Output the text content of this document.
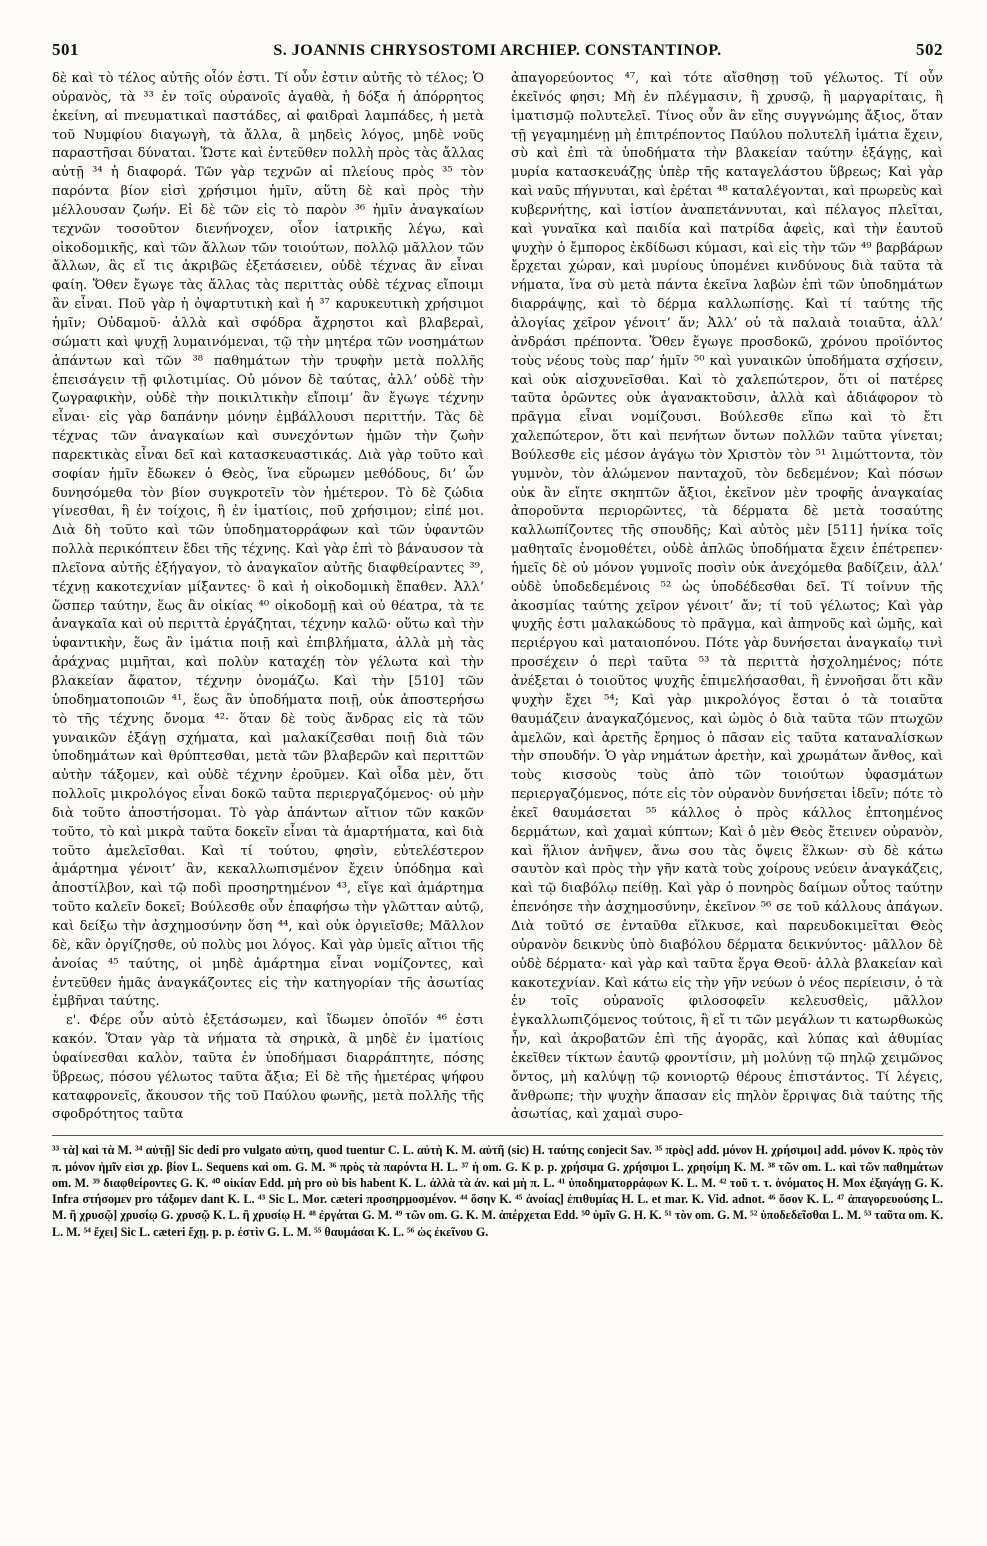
501	S. JOANNIS CHRYSOSTOMI ARCHIEP. CONSTANTINOP.	502

δὲ καὶ τὸ τέλος αὐτῆς οἷόν ἐστι. Τί οὖν ἐστιν αὐτῆς τὸ τέλος; Ὁ οὐρανὸς, τὰ ³³ ἐν τοῖς οὐρανοῖς ἀγαθὰ, ἡ δόξα ἡ ἀπόρρητος ἐκείνη, αἱ πνευματικαὶ παστάδες, αἱ φαιδραὶ λαμπάδες, ἡ μετὰ τοῦ Νυμφίου διαγωγὴ, τὰ ἄλλα, ἃ μηδεὶς λόγος, μηδὲ νοῦς παραστῆσαι δύναται. Ὥστε καὶ ἐντεῦθεν πολλὴ πρὸς τὰς ἄλλας αὐτῇ ³⁴ ἡ διαφορά. Τῶν γὰρ τεχνῶν αἱ πλείους πρὸς ³⁵ τὸν παρόντα βίον εἰσὶ χρήσιμοι ἡμῖν, αὕτη δὲ καὶ πρὸς τὴν μέλλουσαν ζωήν. Εἰ δὲ τῶν εἰς τὸ παρὸν ³⁶ ἡμῖν ἀναγκαίων τεχνῶν τοσοῦτον διενήνοχεν, οἷον ἰατρικῆς λέγω, καὶ οἰκοδομικῆς, καὶ τῶν ἄλλων τῶν τοιούτων, πολλῷ μᾶλλον τῶν ἄλλων, ἃς εἴ τις ἀκριβῶς ἐξετάσειεν, οὐδὲ τέχνας ἂν εἶναι φαίη. Ὅθεν ἔγωγε τὰς ἄλλας τὰς περιττὰς οὐδὲ τέχνας εἴποιμι ἂν εἶναι. Ποῦ γὰρ ἡ ὀψαρτυτικὴ καὶ ἡ ³⁷ καρυκευτικὴ χρήσιμοι ἡμῖν; Οὐδαμοῦ· ἀλλὰ καὶ σφόδρα ἄχρηστοι καὶ βλαβεραὶ, σώματι καὶ ψυχῇ λυμαινόμεναι, τῷ τὴν μητέρα τῶν νοσημάτων ἁπάντων καὶ τῶν ³⁸ παθημάτων τὴν τρυφὴν μετὰ πολλῆς ἐπεισάγειν τῇ φιλοτιμίας. Οὐ μόνον δὲ ταύτας, ἀλλ’ οὐδὲ τὴν ζωγραφικὴν, οὐδὲ τὴν ποικιλτικὴν εἴποιμ’ ἂν ἔγωγε τέχνην εἶναι· εἰς γὰρ δαπάνην μόνην ἐμβάλλουσι περιττήν. Τὰς δὲ τέχνας τῶν ἀναγκαίων καὶ συνεχόντων ἡμῶν τὴν ζωὴν παρεκτικὰς εἶναι δεῖ καὶ κατασκευαστικάς. Διὰ γὰρ τοῦτο καὶ σοφίαν ἡμῖν ἔδωκεν ὁ Θεὸς, ἵνα εὕρωμεν μεθόδους, δι’ ὧν δυνησόμεθα τὸν βίον συγκροτεῖν τὸν ἡμέτερον. Τὸ δὲ ζώδια γίνεσθαι, ἢ ἐν τοίχοις, ἢ ἐν ἱματίοις, ποῦ χρήσιμον; εἰπέ μοι. Διὰ δὴ τοῦτο καὶ τῶν ὑποδηματορράφων καὶ τῶν ὑφαντῶν πολλὰ περικόπτειν ἔδει τῆς τέχνης. Καὶ γὰρ ἐπὶ τὸ βάναυσον τὰ πλεῖονα αὐτῆς ἐξήγαγον, τὸ ἀναγκαῖον αὐτῆς διαφθείραντες ³⁹, τέχνῃ κακοτεχνίαν μίξαντες· ὃ καὶ ἡ οἰκοδομικὴ ἔπαθεν. Ἀλλ’ ὥσπερ ταύτην, ἕως ἂν οἰκίας ⁴⁰ οἰκοδομῇ καὶ οὐ θέατρα, τὰ τε ἀναγκαῖα καὶ οὐ περιττὰ ἐργάζηται, τέχνην καλῶ· οὕτω καὶ τὴν ὑφαντικὴν, ἕως ἂν ἱμάτια ποιῇ καὶ ἐπιβλήματα, ἀλλὰ μὴ τὰς ἀράχνας μιμῆται, καὶ πολὺν καταχέῃ τὸν γέλωτα καὶ τὴν βλακείαν ἄφατον, τέχνην ὀνομάζω. Καὶ τὴν [510] τῶν ὑποδηματοποιῶν ⁴¹, ἕως ἂν ὑποδήματα ποιῇ, οὐκ ἀποστερήσω τὸ τῆς τέχνης ὄνομα ⁴²· ὅταν δὲ τοὺς ἄνδρας εἰς τὰ τῶν γυναικῶν ἐξάγῃ σχήματα, καὶ μαλακίζεσθαι ποιῇ διὰ τῶν ὑποδημάτων καὶ θρύπτεσθαι, μετὰ τῶν βλαβερῶν καὶ περιττῶν αὐτὴν τάξομεν, καὶ οὐδὲ τέχνην ἐροῦμεν. Καὶ οἶδα μὲν, ὅτι πολλοῖς μικρολόγος εἶναι δοκῶ ταῦτα περιεργαζόμενος· οὐ μὴν διὰ τοῦτο ἀποστήσομαι. Τὸ γὰρ ἁπάντων αἴτιον τῶν κακῶν τοῦτο, τὸ καὶ μικρὰ ταῦτα δοκεῖν εἶναι τὰ ἁμαρτήματα, καὶ διὰ τοῦτο ἀμελεῖσθαι. Καὶ τί τούτου, φησὶν, εὐτελέστερον ἁμάρτημα γένοιτ’ ἂν, κεκαλλωπισμένον ἔχειν ὑπόδημα καὶ ἀποστίλβον, καὶ τῷ ποδὶ προσηρτημένον ⁴³, εἴγε καὶ ἁμάρτημα τοῦτο καλεῖν δοκεῖ; Βούλεσθε οὖν ἐπαφήσω τὴν γλῶτταν αὐτῷ, καὶ δείξω τὴν ἀσχημοσύνην ὅση ⁴⁴, καὶ οὐκ ὀργιεῖσθε; Μᾶλλον δὲ, κἂν ὀργίζησθε, οὐ πολὺς μοι λόγος. Καὶ γὰρ ὑμεῖς αἴτιοι τῆς ἀνοίας ⁴⁵ ταύτης, οἱ μηδὲ ἁμάρτημα εἶναι νομίζοντες, καὶ ἐντεῦθεν ἡμᾶς ἀναγκάζοντες εἰς τὴν κατηγορίαν τῆς ἀσωτίας ἐμβῆναι ταύτης.

ε'. Φέρε οὖν αὐτὸ ἐξετάσωμεν, καὶ ἴδωμεν ὁποῖόν ⁴⁶ ἐστι κακόν. Ὅταν γὰρ τὰ νήματα τὰ σηρικὰ, ἃ μηδὲ ἐν ἱματίοις ὑφαίνεσθαι καλὸν, ταῦτα ἐν ὑποδήμασι διαρράπτητε, πόσης ὕβρεως, πόσου γέλωτος ταῦτα ἄξια; Εἰ δὲ τῆς ἡμετέρας ψήφου καταφρονεῖς, ἄκουσον τῆς τοῦ Παύλου φωνῆς, μετὰ πολλῆς τῆς σφοδρότητος ταῦτα

ἀπαγορεύοντος ⁴⁷, καὶ τότε αἴσθησῃ τοῦ γέλωτος. Τί οὖν ἐκεῖνός φησι; Μὴ ἐν πλέγμασιν, ἢ χρυσῷ, ἢ μαργαρίταις, ἢ ἱματισμῷ πολυτελεῖ. Τίνος οὖν ἂν εἴης συγγνώμης ἄξιος, ὅταν τῇ γεγαμημένῃ μὴ ἐπιτρέποντος Παύλου πολυτελῆ ἱμάτια ἔχειν, σὺ καὶ ἐπὶ τὰ ὑποδήματα τὴν βλακείαν ταύτην ἐξάγῃς, καὶ μυρία κατασκευάζῃς ὑπὲρ τῆς καταγελάστου ὕβρεως; Καὶ γὰρ καὶ ναῦς πήγνυται, καὶ ἐρέται ⁴⁸ καταλέγονται, καὶ πρωρεὺς καὶ κυβερνήτης, καὶ ἱστίον ἀναπετάννυται, καὶ πέλαγος πλεῖται, καὶ γυναῖκα καὶ παιδία καὶ πατρίδα ἀφεὶς, καὶ τὴν ἑαυτοῦ ψυχὴν ὁ ἔμπορος ἐκδίδωσι κύμασι, καὶ εἰς τὴν τῶν ⁴⁹ βαρβάρων ἔρχεται χώραν, καὶ μυρίους ὑπομένει κινδύνους διὰ ταῦτα τὰ νήματα, ἵνα σὺ μετὰ πάντα ἐκεῖνα λαβὼν ἐπὶ τῶν ὑποδημάτων διαρράψῃς, καὶ τὸ δέρμα καλλωπίσῃς. Καὶ τί ταύτης τῆς ἀλογίας χεῖρον γένοιτ’ ἄν; Ἀλλ’ οὐ τὰ παλαιὰ τοιαῦτα, ἀλλ’ ἀνδράσι πρέποντα. Ὅθεν ἔγωγε προσδοκῶ, χρόνου προϊόντος τοὺς νέους τοὺς παρ’ ἡμῖν ⁵⁰ καὶ γυναικῶν ὑποδήματα σχήσειν, καὶ οὐκ αἰσχυνεῖσθαι. Καὶ τὸ χαλεπώτερον, ὅτι οἱ πατέρες ταῦτα ὁρῶντες οὐκ ἀγανακτοῦσιν, ἀλλὰ καὶ ἀδιάφορον τὸ πρᾶγμα εἶναι νομίζουσι. Βούλεσθε εἴπω καὶ τὸ ἔτι χαλεπώτερον, ὅτι καὶ πενήτων ὄντων πολλῶν ταῦτα γίνεται; Βούλεσθε εἰς μέσον ἀγάγω τὸν Χριστὸν τὸν ⁵¹ λιμώττοντα, τὸν γυμνὸν, τὸν ἀλώμενον πανταχοῦ, τὸν δεδεμένον; Καὶ πόσων οὐκ ἂν εἴητε σκηπτῶν ἄξιοι, ἐκεῖνον μὲν τροφῆς ἀναγκαίας ἀποροῦντα περιορῶντες, τὰ δέρματα δὲ μετὰ τοσαύτης καλλωπίζοντες τῆς σπουδῆς; Καὶ αὐτὸς μὲν [511] ἠνίκα τοῖς μαθηταῖς ἐνομοθέτει, οὐδὲ ἁπλῶς ὑποδήματα ἔχειν ἐπέτρεπεν· ἡμεῖς δὲ οὐ μόνον γυμνοῖς ποσὶν οὐκ ἀνεχόμεθα βαδίζειν, ἀλλ’ οὐδὲ ὑποδεδεμένοις ⁵² ὡς ὑποδέδεσθαι δεῖ. Τί τοίνυν τῆς ἀκοσμίας ταύτης χεῖρον γένοιτ’ ἄν; τί τοῦ γέλωτος; Καὶ γὰρ ψυχῆς ἐστι μαλακώδους τὸ πρᾶγμα, καὶ ἀπηνοῦς καὶ ὠμῆς, καὶ περιέργου καὶ ματαιοπόνου. Πότε γὰρ δυνήσεται ἀναγκαίῳ τινὶ προσέχειν ὁ περὶ ταῦτα ⁵³ τὰ περιττὰ ἠσχολημένος; πότε ἀνέξεται ὁ τοιοῦτος ψυχῆς ἐπιμελήσασθαι, ἢ ἐννοῆσαι ὅτι κἂν ψυχὴν ἔχει ⁵⁴; Καὶ γὰρ μικρολόγος ἔσται ὁ τὰ τοιαῦτα θαυμάζειν ἀναγκαζόμενος, καὶ ὠμὸς ὁ διὰ ταῦτα τῶν πτωχῶν ἀμελῶν, καὶ ἀρετῆς ἔρημος ὁ πᾶσαν εἰς ταῦτα καταναλίσκων τὴν σπουδήν. Ὁ γὰρ νημάτων ἀρετὴν, καὶ χρωμάτων ἄνθος, καὶ τοὺς κισσοὺς τοὺς ἀπὸ τῶν τοιούτων ὑφασμάτων περιεργαζόμενος, πότε εἰς τὸν οὐρανὸν δυνήσεται ἰδεῖν; πότε τὸ ἐκεῖ θαυμάσεται ⁵⁵ κάλλος ὁ πρὸς κάλλος ἐπτοημένος δερμάτων, καὶ χαμαὶ κύπτων; Καὶ ὁ μὲν Θεὸς ἔτεινεν οὐρανὸν, καὶ ἥλιον ἀνῆψεν, ἄνω σου τὰς ὄψεις ἕλκων· σὺ δὲ κάτω σαυτὸν καὶ πρὸς τὴν γῆν κατὰ τοὺς χοίρους νεύειν ἀναγκάζεις, καὶ τῷ διαβόλῳ πείθῃ. Καὶ γὰρ ὁ πονηρὸς δαίμων οὗτος ταύτην ἐπενόησε τὴν ἀσχημοσύνην, ἐκεῖνον ⁵⁶ σε τοῦ κάλλους ἀπάγων. Διὰ τοῦτό σε ἐνταῦθα εἵλκυσε, καὶ παρευδοκιμεῖται Θεὸς οὐρανὸν δεικνὺς ὑπὸ διαβόλου δέρματα δεικνύντος· μᾶλλον δὲ οὐδὲ δέρματα· καὶ γὰρ καὶ ταῦτα ἔργα Θεοῦ· ἀλλὰ βλακείαν καὶ κακοτεχνίαν. Καὶ κάτω εἰς τὴν γῆν νεύων ὁ νέος περίεισιν, ὁ τὰ ἐν τοῖς οὐρανοῖς φιλοσοφεῖν κελευσθεὶς, μᾶλλον ἐγκαλλωπιζόμενος τούτοις, ἢ εἴ τι τῶν μεγάλων τι κατωρθωκὼς ἦν, καὶ ἀκροβατῶν ἐπὶ τῆς ἀγορᾶς, καὶ λύπας καὶ ἀθυμίας ἐκεῖθεν τίκτων ἑαυτῷ φροντίσιν, μὴ μολύνῃ τῷ πηλῷ χειμῶνος ὄντος, μὴ καλύψῃ τῷ κονιορτῷ θέρους ἐπιστάντος. Τί λέγεις, ἄνθρωπε; τὴν ψυχὴν ἅπασαν εἰς πηλὸν ἔρριψας διὰ ταύτης τῆς ἀσωτίας, καὶ χαμαὶ συρο-

³³ τὰ] καὶ τὰ M. ³⁴ αὐτῇ] Sic dedi pro vulgato αὐτη, quod tuentur C. L. αὐτὴ K. M. αὐτῆ (sic) H. ταύτης conjecit Sav. ³⁵ πρὸς] add. μόνον H. χρήσιμοι] add. μόνον K. πρὸς τὸν π. μόνον ἡμῖν εἰσι χρ. βίον L. Sequens καὶ om. G. M. ³⁶ πρὸς τὰ παρόντα H. L. ³⁷ ἡ om. G. K p. p. χρήσιμα G. χρήσιμοι L. χρησίμη K. M. ³⁸ τῶν om. L. καὶ τῶν παθημάτων om. M. ³⁹ διαφθείροντες G. K. ⁴⁰ οἰκίαν Edd. μὴ pro οὐ bis habent K. L. ἀλλὰ τὰ ἀν. καὶ μὴ π. L. ⁴¹ ὑποδηματορράφων K. L. M. ⁴² τοῦ τ. τ. ὀνόματος H. Mox ἐξαγάγῃ G. K. Infra στήσομεν pro τάξομεν dant K. L. ⁴³ Sic L. Mor. cæteri προσηρμοσμένον. ⁴⁴ ὅσην K. ⁴⁵ ἀνοίας] ἐπιθυμίας H. L. et mar. K. Vid. adnot. ⁴⁶ ὅσον K. L. ⁴⁷ ἀπαγορευούσης L. M. ἢ χρυσῷ] χρυσίῳ G. χρυσῷ K. L. ἢ χρυσίῳ H. ⁴⁸ ἐργάται G. M. ⁴⁹ τῶν om. G. K. M. ἀπέρχεται Edd. ⁵⁰ ὑμῖν G. H. K. ⁵¹ τὸν om. G. M. ⁵² ὑποδεδεῖσθαι L. M. ⁵³ ταῦτα om. K. L. M. ⁵⁴ ἔχει] Sic L. cæteri ἔχῃ. p. p. ἐστὶν G. L. M. ⁵⁵ θαυμάσαι K. L. ⁵⁶ ὡς ἐκεῖνου G.
